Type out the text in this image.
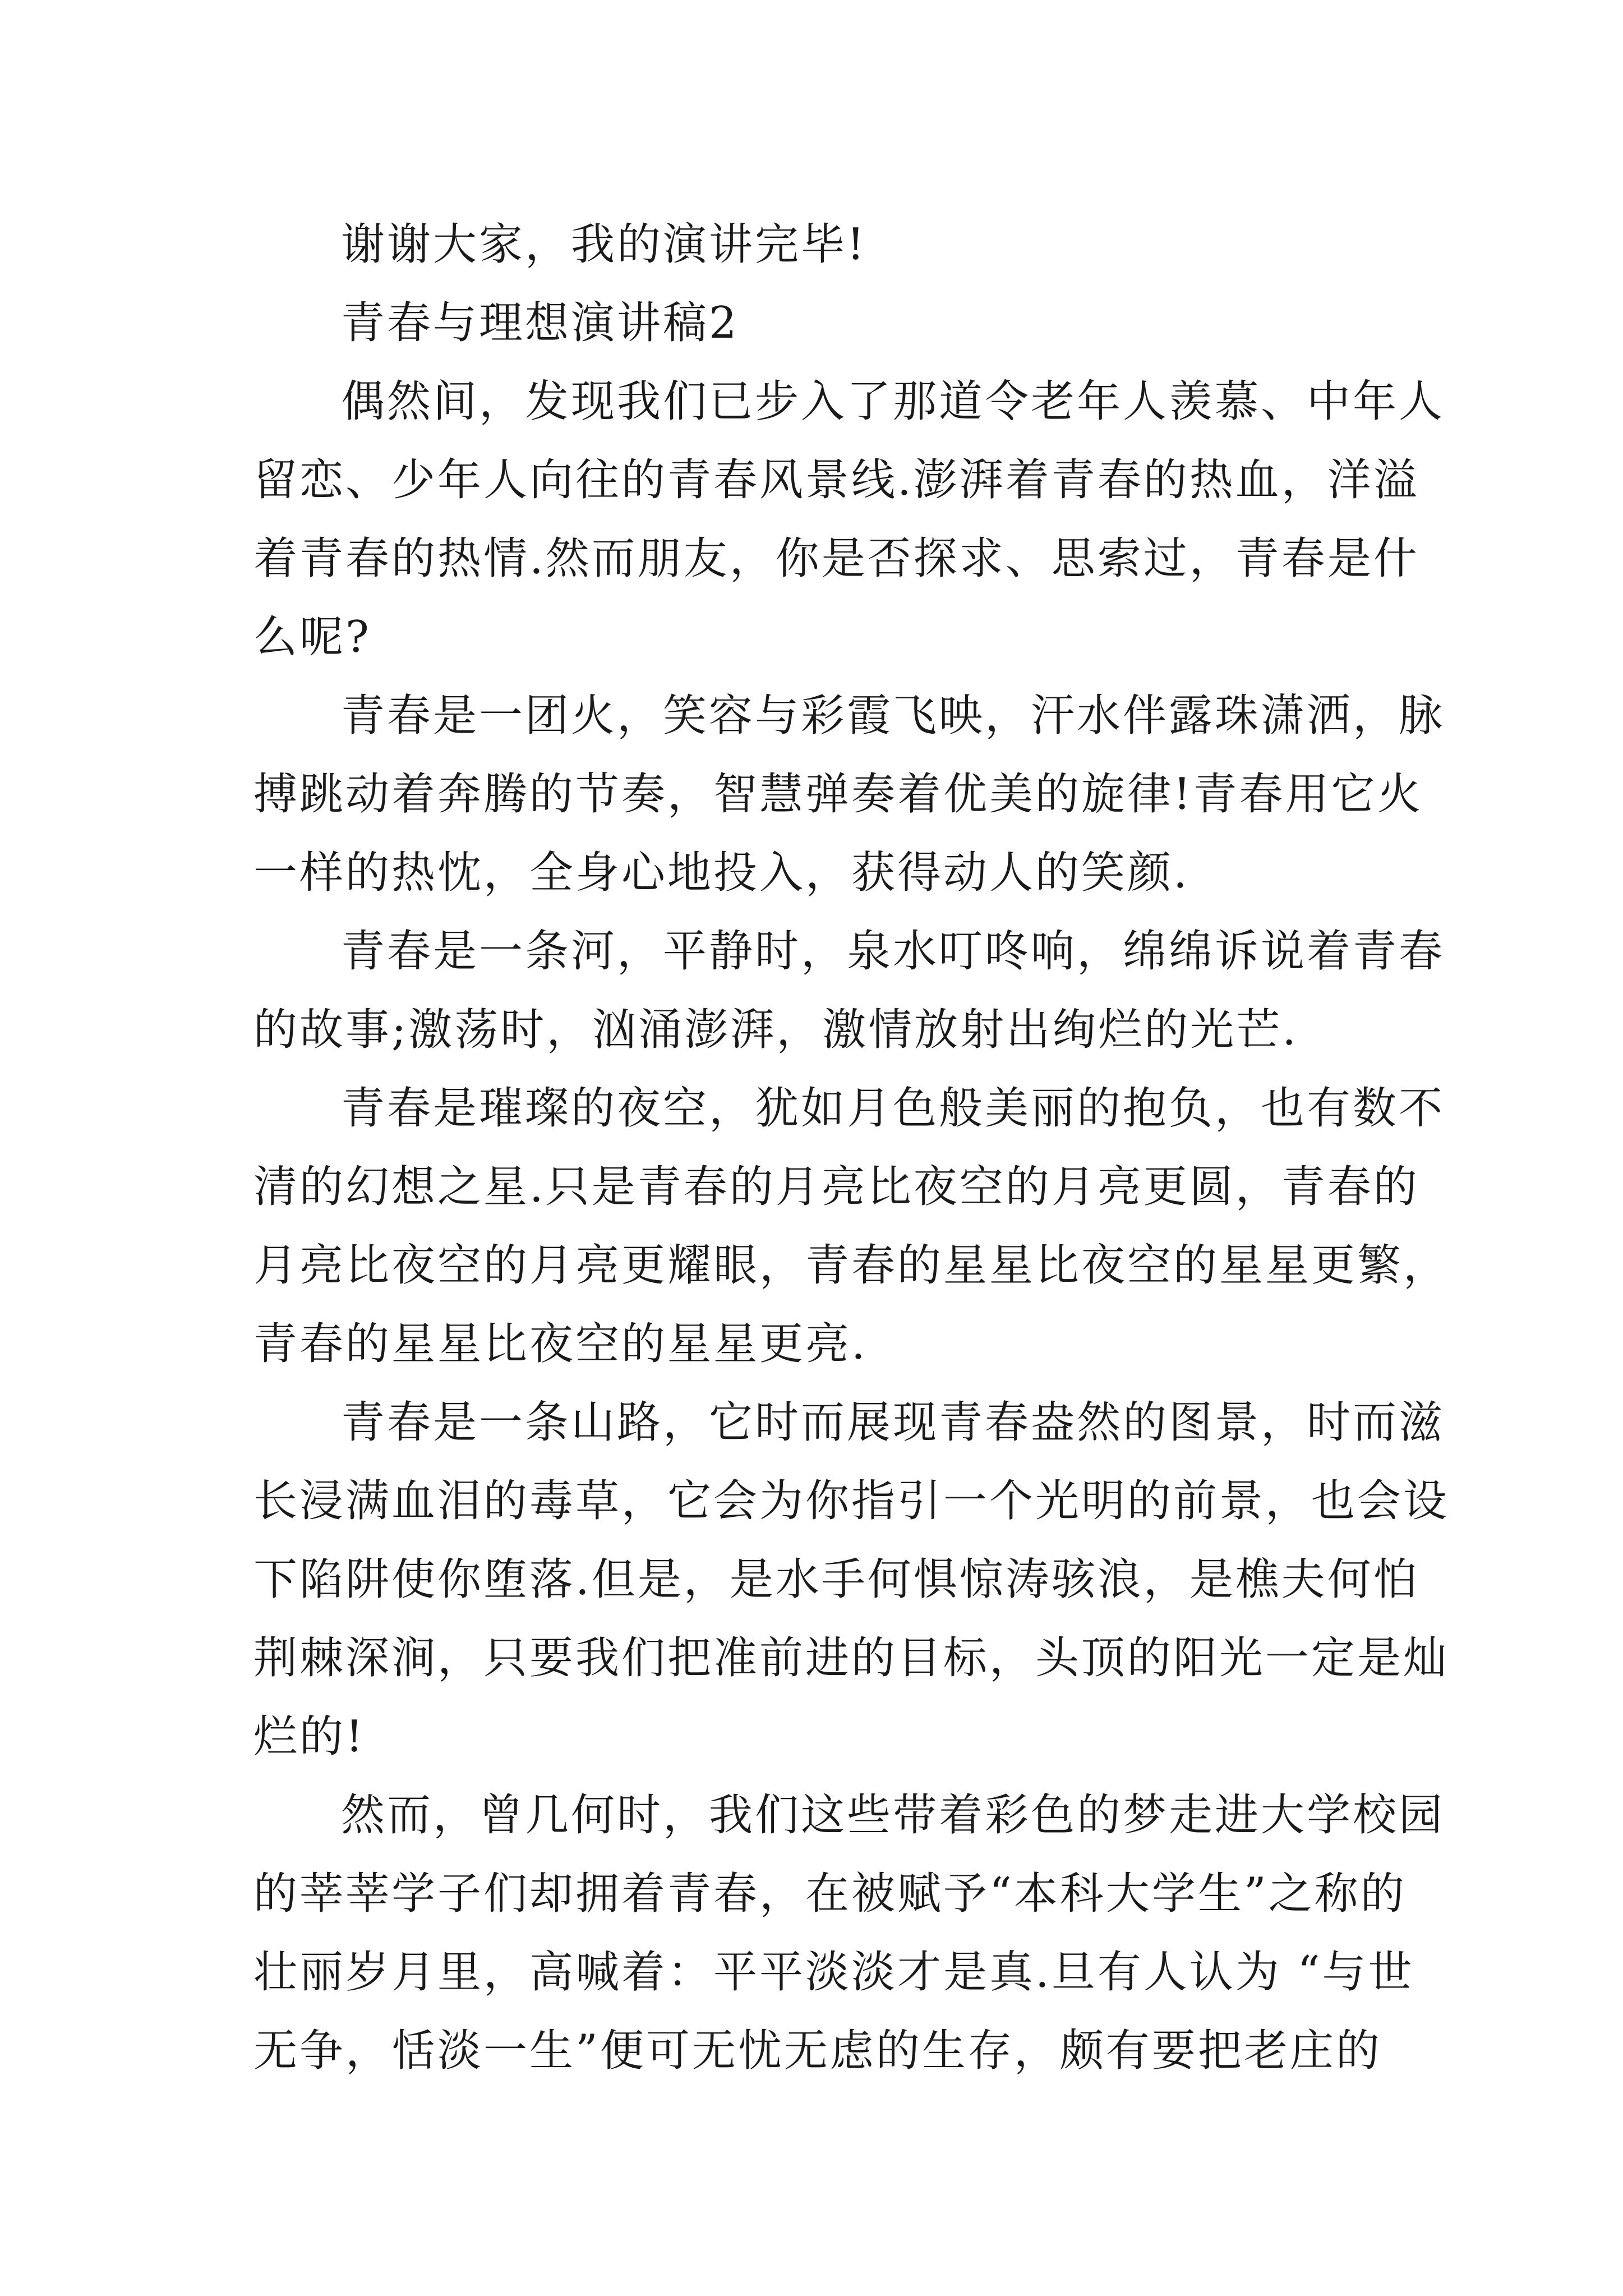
谢谢大家，我的演讲完毕!
青春与理想演讲稿2
偶然间，发现我们已步入了那道令老年人羡慕、中年人
留恋、少年人向往的青春风景线.澎湃着青春的热血，洋溢
着青春的热情.然而朋友，你是否探求、思索过，青春是什
么呢?
青春是一团火，笑容与彩霞飞映，汗水伴露珠潇洒，脉
搏跳动着奔腾的节奏，智慧弹奏着优美的旋律!青春用它火
一样的热忱，全身心地投入，获得动人的笑颜.
青春是一条河，平静时，泉水叮咚响，绵绵诉说着青春
的故事;激荡时，汹涌澎湃，激情放射出绚烂的光芒.
青春是璀璨的夜空，犹如月色般美丽的抱负，也有数不
清的幻想之星.只是青春的月亮比夜空的月亮更圆，青春的
月亮比夜空的月亮更耀眼，青春的星星比夜空的星星更繁，
青春的星星比夜空的星星更亮.
青春是一条山路，它时而展现青春盎然的图景，时而滋
长浸满血泪的毒草，它会为你指引一个光明的前景，也会设
下陷阱使你堕落.但是，是水手何惧惊涛骇浪，是樵夫何怕
荆棘深涧，只要我们把准前进的目标，头顶的阳光一定是灿
烂的!
然而，曾几何时，我们这些带着彩色的梦走进大学校园
的莘莘学子们却拥着青春，在被赋予“本科大学生”之称的
壮丽岁月里，高喊着：平平淡淡才是真.旦有人认为 “与世
无争，恬淡一生”便可无忧无虑的生存，颇有要把老庄的
